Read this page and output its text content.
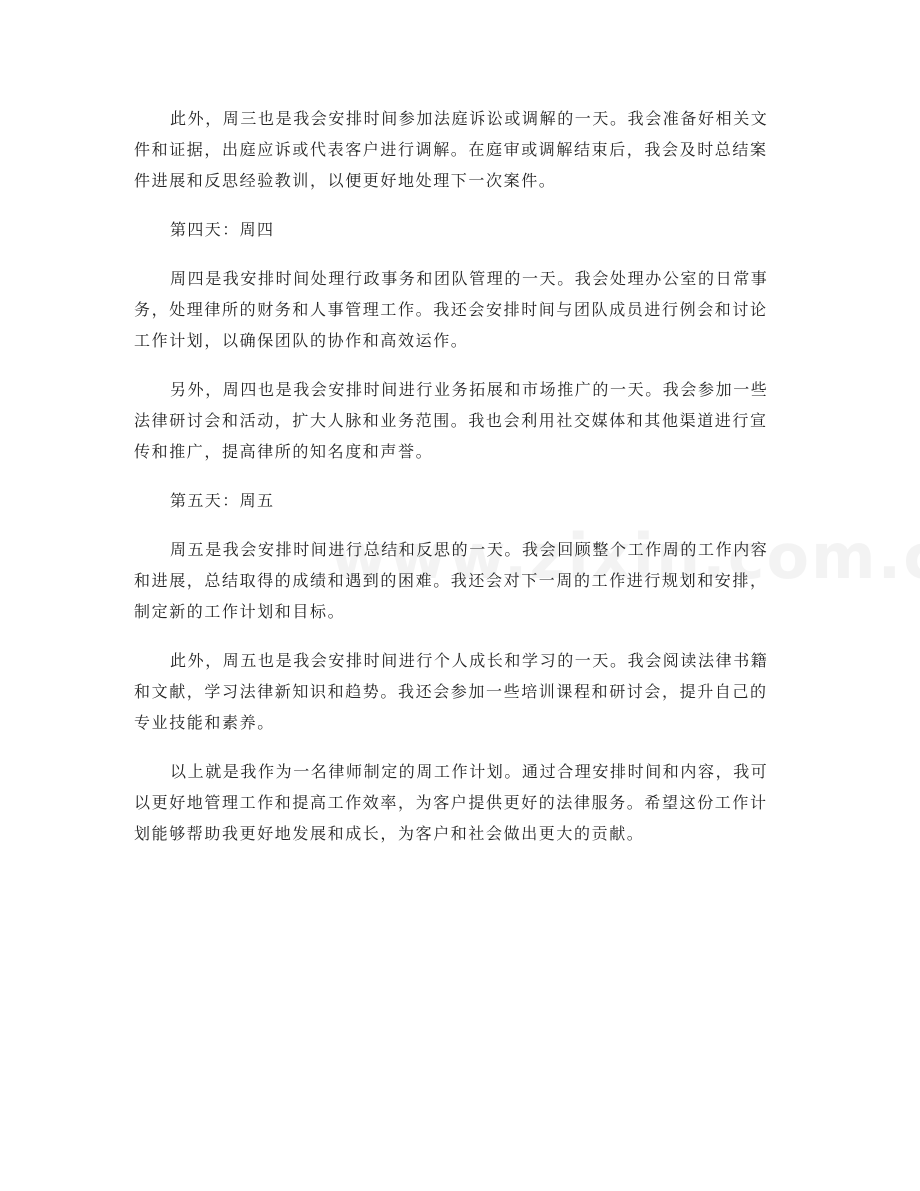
此外，周三也是我会安排时间参加法庭诉讼或调解的一天。我会准备好相关文件和证据，出庭应诉或代表客户进行调解。在庭审或调解结束后，我会及时总结案件进展和反思经验教训，以便更好地处理下一次案件。

第四天：周四

周四是我安排时间处理行政事务和团队管理的一天。我会处理办公室的日常事务，处理律所的财务和人事管理工作。我还会安排时间与团队成员进行例会和讨论工作计划，以确保团队的协作和高效运作。

另外，周四也是我会安排时间进行业务拓展和市场推广的一天。我会参加一些法律研讨会和活动，扩大人脉和业务范围。我也会利用社交媒体和其他渠道进行宣传和推广，提高律所的知名度和声誉。

第五天：周五

周五是我会安排时间进行总结和反思的一天。我会回顾整个工作周的工作内容和进展，总结取得的成绩和遇到的困难。我还会对下一周的工作进行规划和安排，制定新的工作计划和目标。

此外，周五也是我会安排时间进行个人成长和学习的一天。我会阅读法律书籍和文献，学习法律新知识和趋势。我还会参加一些培训课程和研讨会，提升自己的专业技能和素养。

以上就是我作为一名律师制定的周工作计划。通过合理安排时间和内容，我可以更好地管理工作和提高工作效率，为客户提供更好的法律服务。希望这份工作计划能够帮助我更好地发展和成长，为客户和社会做出更大的贡献。
